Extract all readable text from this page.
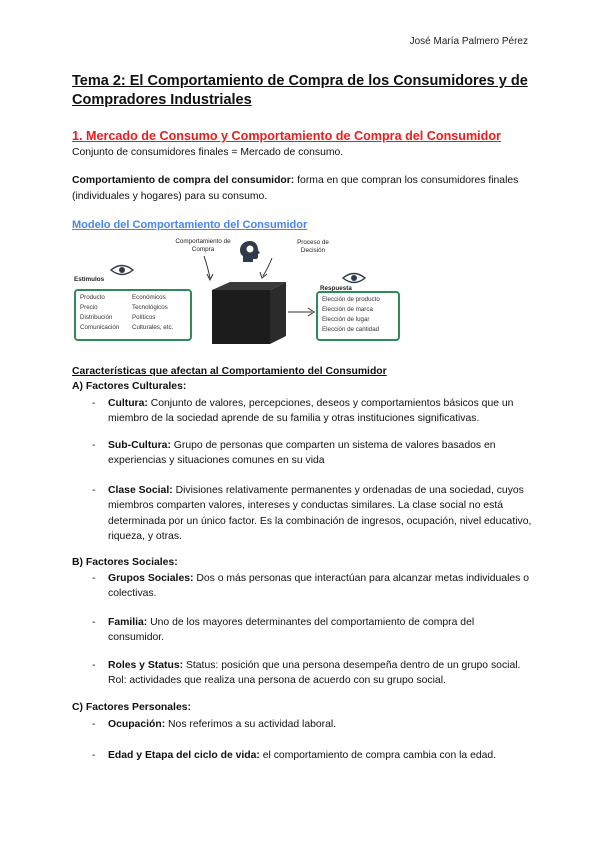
José María Palmero Pérez
Tema 2: El Comportamiento de Compra de los Consumidores y de Compradores Industriales
1. Mercado de Consumo y Comportamiento de Compra del Consumidor
Conjunto de consumidores finales = Mercado de consumo.
Comportamiento de compra del consumidor: forma en que compran los consumidores finales (individuales y hogares) para su consumo.
Modelo del Comportamiento del Consumidor
Comportamiento de Compra
Proceso de Decisión
Estímulos
Producto
Precio
Distribución
Comunicación
Económicos
Tecnológicos
Políticos
Culturales, etc.
Respuesta
Elección de producto
Elección de marca
Elección de lugar
Elección de cantidad
Características que afectan al Comportamiento del Consumidor
A) Factores Culturales:
- Cultura: Conjunto de valores, percepciones, deseos y comportamientos básicos que un miembro de la sociedad aprende de su familia y otras instituciones significativas.
- Sub-Cultura: Grupo de personas que comparten un sistema de valores basados en experiencias y situaciones comunes en su vida
- Clase Social: Divisiones relativamente permanentes y ordenadas de una sociedad, cuyos miembros comparten valores, intereses y conductas similares. La clase social no está determinada por un único factor. Es la combinación de ingresos, ocupación, nivel educativo, riqueza, y otras.
B) Factores Sociales:
- Grupos Sociales: Dos o más personas que interactúan para alcanzar metas individuales o colectivas.
- Familia: Uno de los mayores determinantes del comportamiento de compra del consumidor.
- Roles y Status: Status: posición que una persona desempeña dentro de un grupo social. Rol: actividades que realiza una persona de acuerdo con su grupo social.
C) Factores Personales:
- Ocupación: Nos referimos a su actividad laboral.
- Edad y Etapa del ciclo de vida: el comportamiento de compra cambia con la edad.
